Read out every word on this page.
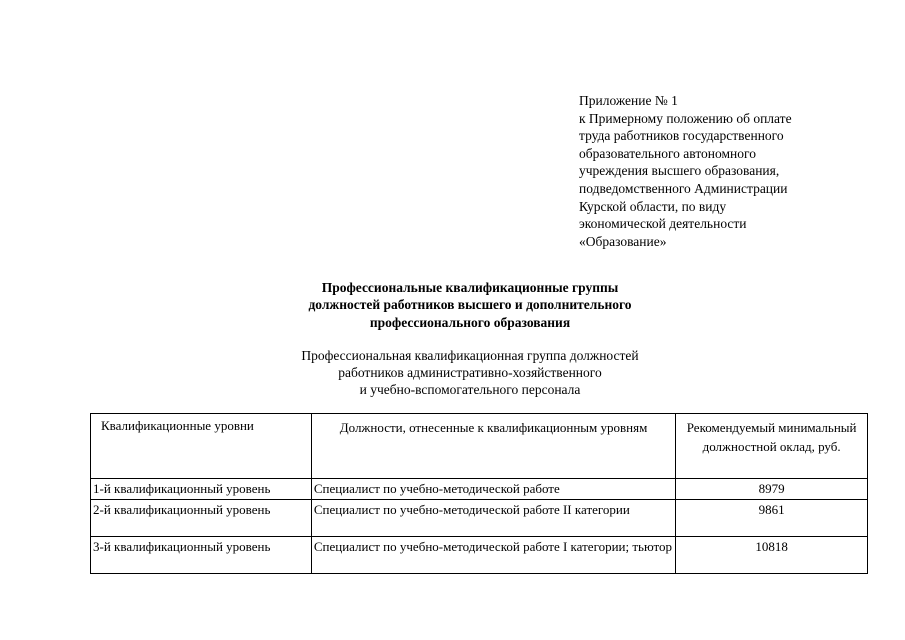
Приложение № 1
к Примерному положению об оплате
труда работников государственного
образовательного автономного
учреждения высшего образования,
подведомственного Администрации
Курской области, по виду
экономической деятельности
«Образование»
Профессиональные квалификационные группы
должностей работников высшего и дополнительного
профессионального образования
Профессиональная квалификационная группа должностей
работников административно-хозяйственного
и учебно-вспомогательного персонала
Квалификационные уровни	Должности, отнесенные к квалификационным уровням	Рекомендуемый минимальный должностной оклад, руб.
1-й квалификационный уровень	Специалист по учебно-методической работе	8979
2-й квалификационный уровень	Специалист по учебно-методической работе II категории	9861
3-й квалификационный уровень	Специалист по учебно-методической работе I категории; тьютор	10818
